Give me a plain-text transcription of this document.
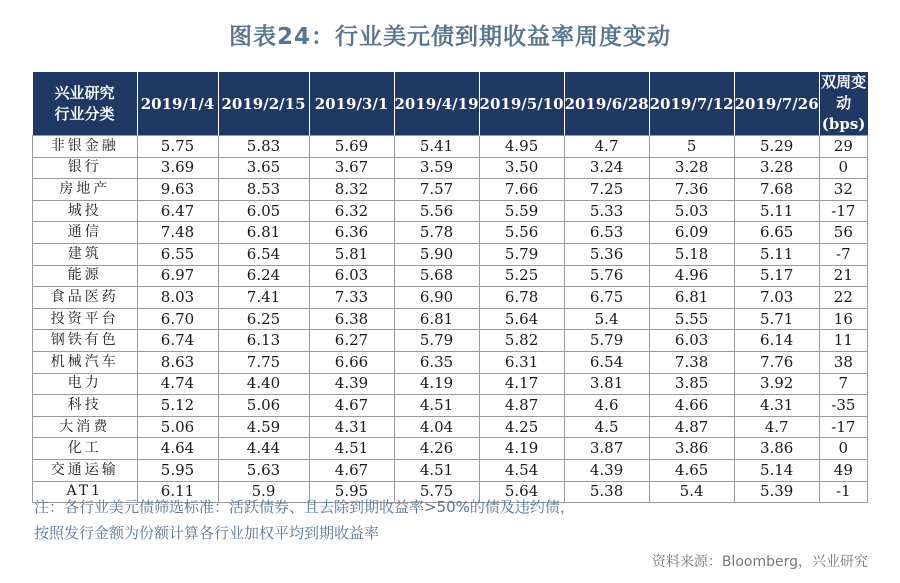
图表24：行业美元债到期收益率周度变动
兴业研究
行业分类	2019/1/4	2019/2/15	2019/3/1	2019/4/19	2019/5/10	2019/6/28	2019/7/12	2019/7/26	双周变动
(bps)

非银金融	5.75	5.83	5.69	5.41	4.95	4.7	5	5.29	29
银行	3.69	3.65	3.67	3.59	3.50	3.24	3.28	3.28	0
房地产	9.63	8.53	8.32	7.57	7.66	7.25	7.36	7.68	32
城投	6.47	6.05	6.32	5.56	5.59	5.33	5.03	5.11	-17
通信	7.48	6.81	6.36	5.78	5.56	6.53	6.09	6.65	56
建筑	6.55	6.54	5.81	5.90	5.79	5.36	5.18	5.11	-7
能源	6.97	6.24	6.03	5.68	5.25	5.76	4.96	5.17	21
食品医药	8.03	7.41	7.33	6.90	6.78	6.75	6.81	7.03	22
投资平台	6.70	6.25	6.38	6.81	5.64	5.4	5.55	5.71	16
钢铁有色	6.74	6.13	6.27	5.79	5.82	5.79	6.03	6.14	11
机械汽车	8.63	7.75	6.66	6.35	6.31	6.54	7.38	7.76	38
电力	4.74	4.40	4.39	4.19	4.17	3.81	3.85	3.92	7
科技	5.12	5.06	4.67	4.51	4.87	4.6	4.66	4.31	-35
大消费	5.06	4.59	4.31	4.04	4.25	4.5	4.87	4.7	-17
化工	4.64	4.44	4.51	4.26	4.19	3.87	3.86	3.86	0
交通运输	5.95	5.63	4.67	4.51	4.54	4.39	4.65	5.14	49
AT1	6.11	5.9	5.95	5.75	5.64	5.38	5.4	5.39	-1
注：各行业美元债筛选标准：活跃债券、且去除到期收益率>50%的债及违约债，
按照发行金额为份额计算各行业加权平均到期收益率
资料来源：Bloomberg，兴业研究
